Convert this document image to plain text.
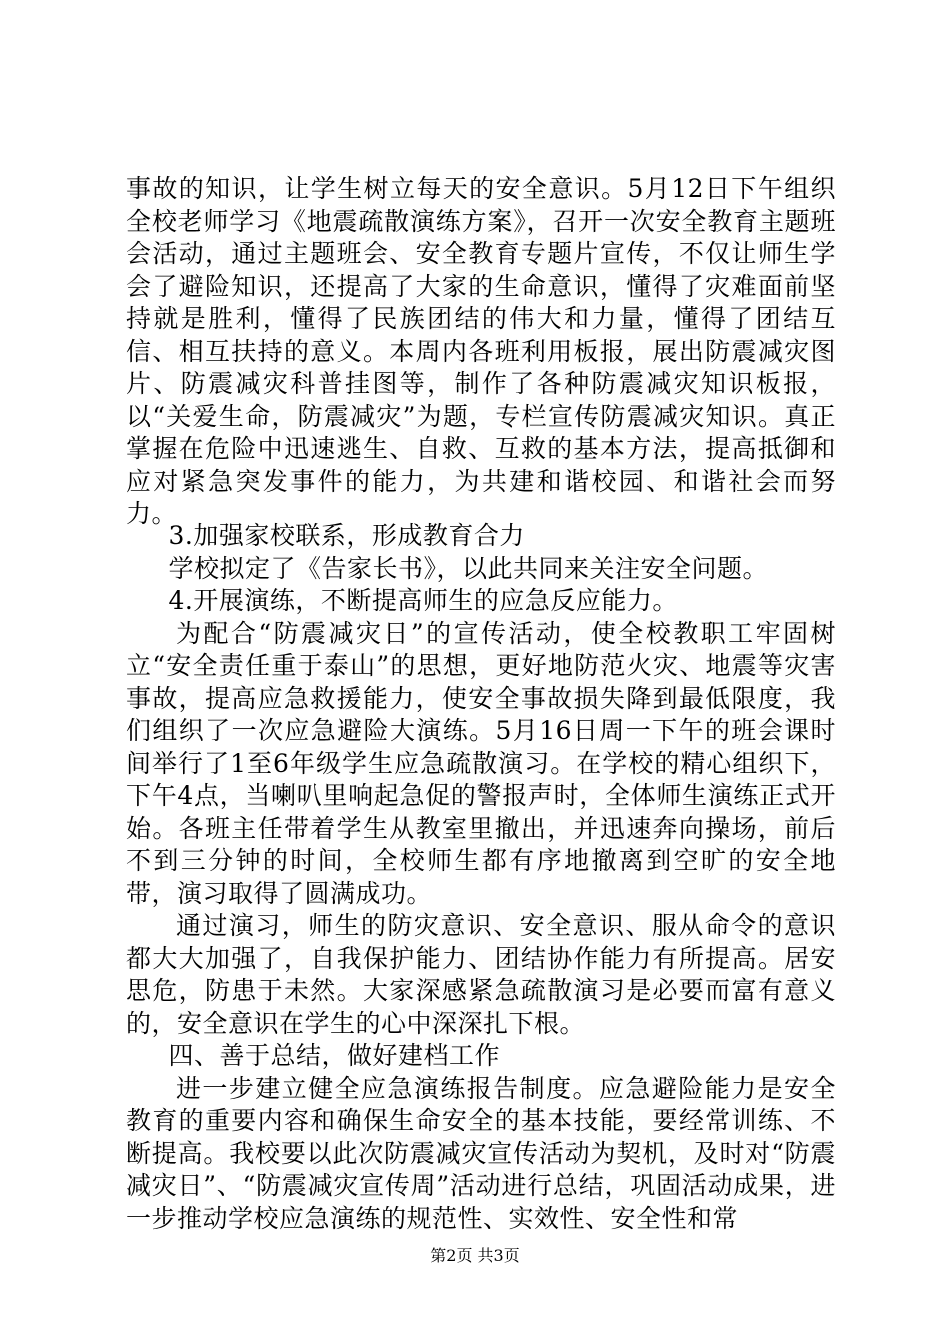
事故的知识，让学生树立每天的安全意识。5月12日下午组织全校老师学习《地震疏散演练方案》，召开一次安全教育主题班会活动，通过主题班会、安全教育专题片宣传，不仅让师生学会了避险知识，还提高了大家的生命意识，懂得了灾难面前坚持就是胜利，懂得了民族团结的伟大和力量，懂得了团结互信、相互扶持的意义。本周内各班利用板报，展出防震减灾图片、防震减灾科普挂图等，制作了各种防震减灾知识板报，以“关爱生命，防震减灾”为题，专栏宣传防震减灾知识。真正掌握在危险中迅速逃生、自救、互救的基本方法，提高抵御和应对紧急突发事件的能力，为共建和谐校园、和谐社会而努力。

3.加强家校联系，形成教育合力

学校拟定了《告家长书》，以此共同来关注安全问题。

4.开展演练，不断提高师生的应急反应能力。

为配合“防震减灾日”的宣传活动，使全校教职工牢固树立“安全责任重于泰山”的思想，更好地防范火灾、地震等灾害事故，提高应急救援能力，使安全事故损失降到最低限度，我们组织了一次应急避险大演练。5月16日周一下午的班会课时间举行了1至6年级学生应急疏散演习。在学校的精心组织下，下午4点，当喇叭里响起急促的警报声时，全体师生演练正式开始。各班主任带着学生从教室里撤出，并迅速奔向操场，前后不到三分钟的时间，全校师生都有序地撤离到空旷的安全地带，演习取得了圆满成功。

通过演习，师生的防灾意识、安全意识、服从命令的意识都大大加强了，自我保护能力、团结协作能力有所提高。居安思危，防患于未然。大家深感紧急疏散演习是必要而富有意义的，安全意识在学生的心中深深扎下根。

四、善于总结，做好建档工作

进一步建立健全应急演练报告制度。应急避险能力是安全教育的重要内容和确保生命安全的基本技能，要经常训练、不断提高。我校要以此次防震减灾宣传活动为契机，及时对“防震减灾日”、“防震减灾宣传周”活动进行总结，巩固活动成果，进一步推动学校应急演练的规范性、实效性、安全性和常

第2页 共3页
